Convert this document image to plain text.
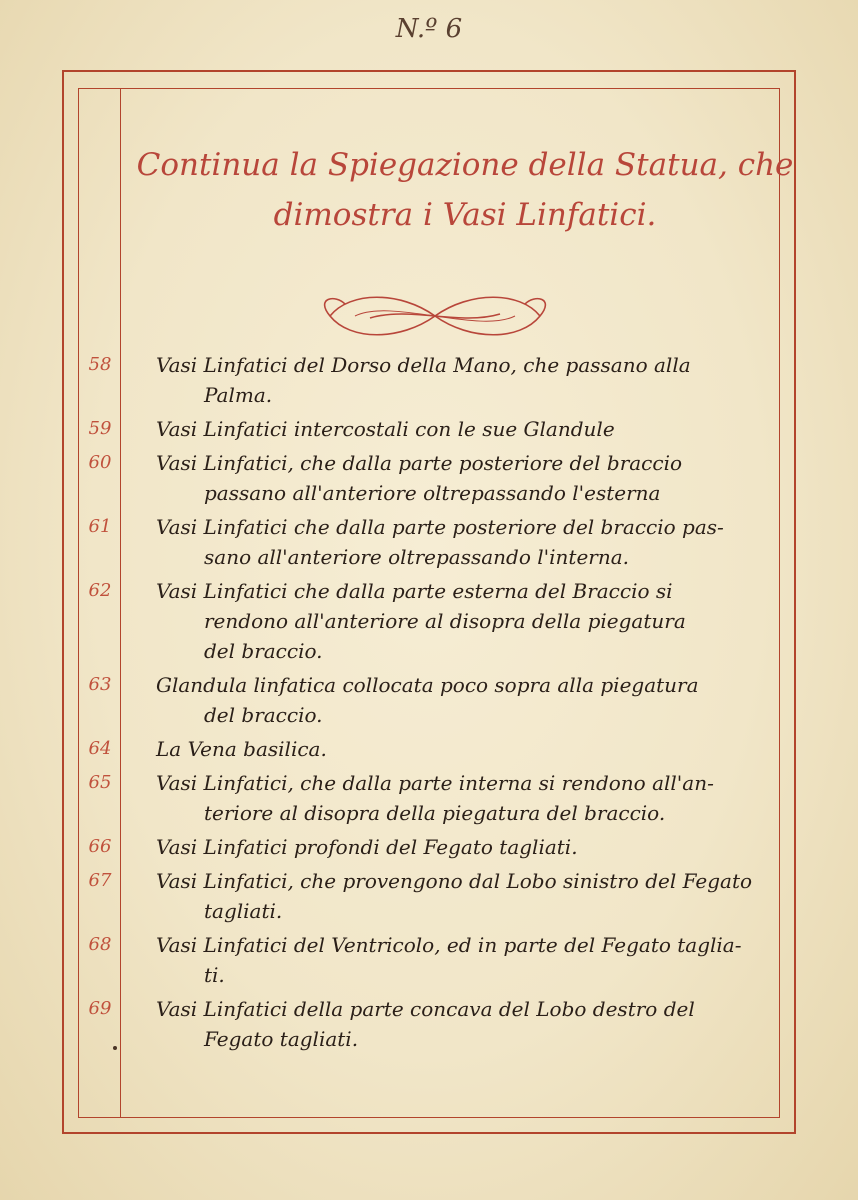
N.º 6
Continua la Spiegazione della Statua, che
dimostra i Vasi Linfatici.
58	Vasi Linfatici del Dorso della Mano, che passano alla
Palma.
59	Vasi Linfatici intercostali con le sue Glandule
60	Vasi Linfatici, che dalla parte posteriore del braccio
passano all'anteriore oltrepassando l'esterna
61	Vasi Linfatici che dalla parte posteriore del braccio pas-
sano all'anteriore oltrepassando l'interna.
62	Vasi Linfatici che dalla parte esterna del Braccio si
rendono all'anteriore al disopra della piegatura
del braccio.
63	Glandula linfatica collocata poco sopra alla piegatura
del braccio.
64	La Vena basilica.
65	Vasi Linfatici, che dalla parte interna si rendono all'an-
teriore al disopra della piegatura del braccio.
66	Vasi Linfatici profondi del Fegato tagliati.
67	Vasi Linfatici, che provengono dal Lobo sinistro del Fegato
tagliati.
68	Vasi Linfatici del Ventricolo, ed in parte del Fegato taglia-
ti.
69	Vasi Linfatici della parte concava del Lobo destro del
Fegato tagliati.
